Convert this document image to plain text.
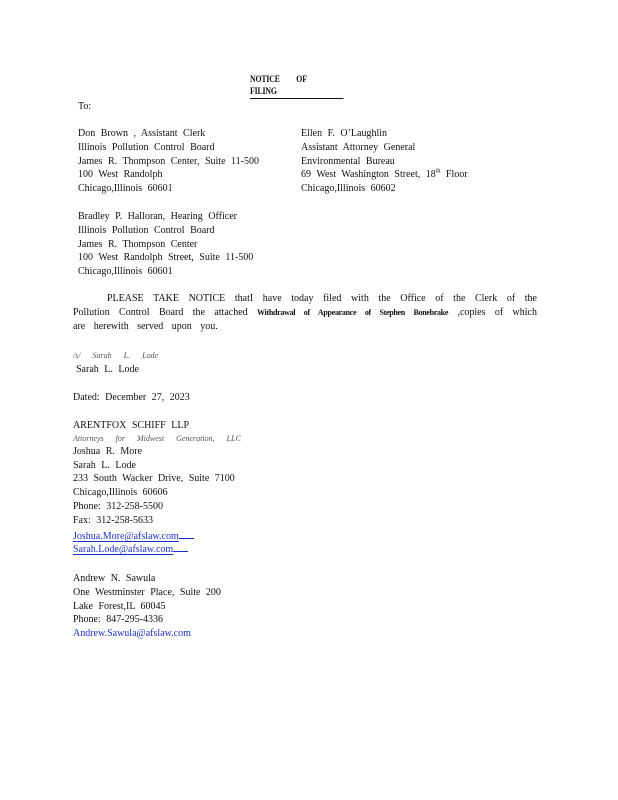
NOTICE OF FILING
To:
Don Brown , Assistant Clerk
Illinois Pollution Control Board
James R. Thompson Center, Suite 11-500
100 West Randolph
Chicago,Illinois 60601
Ellen F. O’Laughlin
Assistant Attorney General
Environmental Bureau
69 West Washington Street, 18th Floor
Chicago,Illinois 60602
Bradley P. Halloran, Hearing Officer
Illinois Pollution Control Board
James R. Thompson Center
100 West Randolph Street, Suite 11-500
Chicago,Illinois 60601
PLEASE TAKE NOTICE thatI have today filed with the Office of the Clerk of the Pollution Control Board the attached Withdrawal of Appearance of Stephen Bonebrake ,copies of which are herewith served upon you.
/s/ Sarah L. Lode
Sarah L. Lode
Dated: December 27, 2023
ARENTFOX SCHIFF LLP
Attorneys for Midwest Generation, LLC
Joshua R. More
Sarah L. Lode
233 South Wacker Drive, Suite 7100
Chicago,Illinois 60606
Phone: 312-258-5500
Fax: 312-258-5633
Joshua.More@afslaw.com
Sarah.Lode@afslaw.com
Andrew N. Sawula
One Westminster Place, Suite 200
Lake Forest,IL 60045
Phone: 847-295-4336
Andrew.Sawula@afslaw.com
